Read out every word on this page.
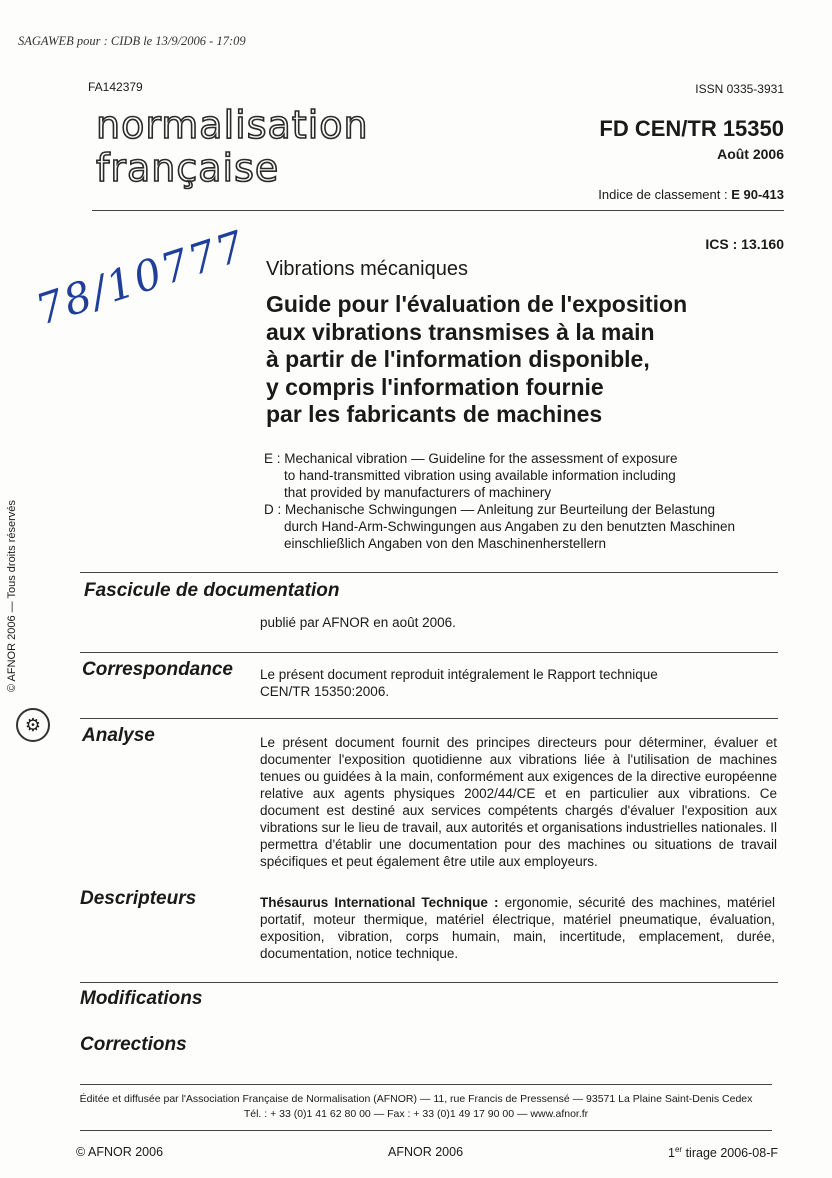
SAGAWEB pour : CIDB le 13/9/2006 - 17:09
FA142379	ISSN 0335-3931
normalisation
française
FD CEN/TR 15350
Août 2006
Indice de classement : E 90-413
ICS : 13.160
78/10777 Vibrations mécaniques
Guide pour l'évaluation de l'exposition
aux vibrations transmises à la main
à partir de l'information disponible,
y compris l'information fournie
par les fabricants de machines
E : Mechanical vibration — Guideline for the assessment of exposure
to hand-transmitted vibration using available information including
that provided by manufacturers of machinery
D : Mechanische Schwingungen — Anleitung zur Beurteilung der Belastung
durch Hand-Arm-Schwingungen aus Angaben zu den benutzten Maschinen
einschließlich Angaben von den Maschinenherstellern
© AFNOR 2006 — Tous droits réservés
⚙
Fascicule de documentation
publié par AFNOR en août 2006.
Correspondance Le présent document reproduit intégralement le Rapport technique
CEN/TR 15350:2006.
Analyse	Le présent document fournit des principes directeurs pour déterminer, évaluer et documenter l'exposition quotidienne aux vibrations liée à l'utilisation de machines tenues ou guidées à la main, conformément aux exigences de la directive européenne relative aux agents physiques 2002/44/CE et en particulier aux vibrations. Ce document est destiné aux services compétents chargés d'évaluer l'exposition aux vibrations sur le lieu de travail, aux autorités et organisations industrielles nationales. Il permettra d'établir une documentation pour des machines ou situations de travail spécifiques et peut également être utile aux employeurs.
Descripteurs	Thésaurus International Technique : ergonomie, sécurité des machines, matériel portatif, moteur thermique, matériel électrique, matériel pneumatique, évaluation, exposition, vibration, corps humain, main, incertitude, emplacement, durée, documentation, notice technique.
Modifications
Corrections
Éditée et diffusée par l'Association Française de Normalisation (AFNOR) — 11, rue Francis de Pressensé — 93571 La Plaine Saint-Denis Cedex
Tél. : + 33 (0)1 41 62 80 00 — Fax : + 33 (0)1 49 17 90 00 — www.afnor.fr
© AFNOR 2006	AFNOR 2006	1er tirage 2006-08-F
